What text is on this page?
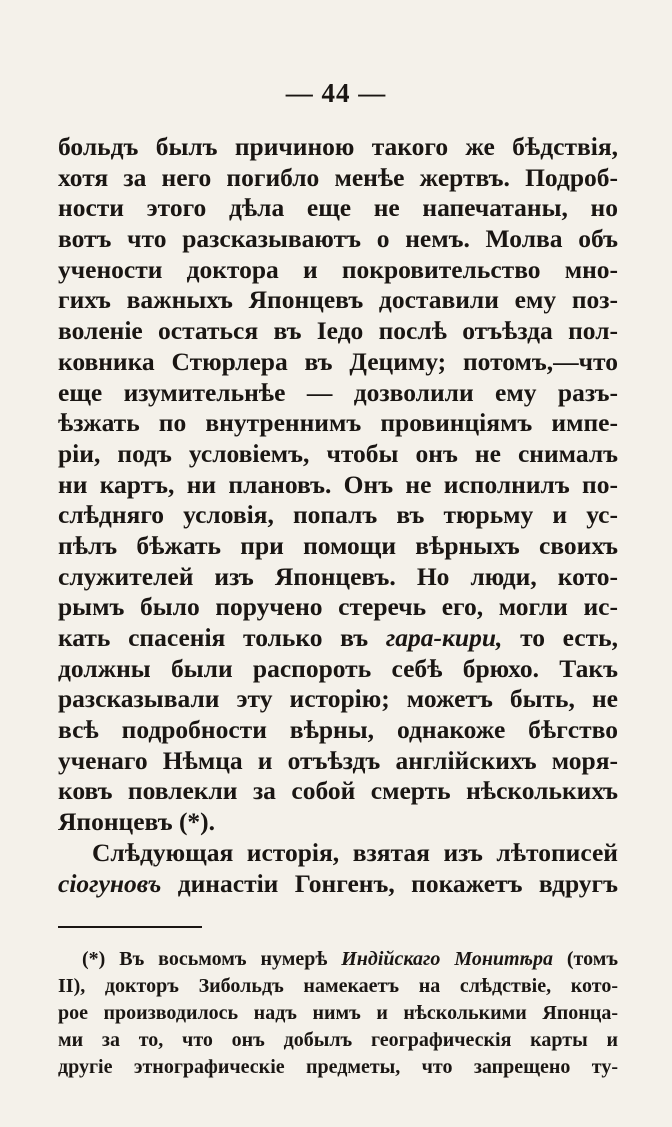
— 44 —
больдъ былъ причиною такого же бѣдствія,
хотя за него погибло менѣе жертвъ. Подроб-
ности этого дѣла еще не напечатаны, но
вотъ что разсказываютъ о немъ. Молва объ
учености доктора и покровительство мно-
гихъ важныхъ Японцевъ доставили ему поз-
воленіе остаться въ Іедо послѣ отъѣзда пол-
ковника Стюрлера въ Дециму; потомъ,—что
еще изумительнѣе — дозволили ему разъ-
ѣзжать по внутреннимъ провинціямъ импе-
ріи, подъ условіемъ, чтобы онъ не снималъ
ни картъ, ни плановъ. Онъ не исполнилъ по-
слѣдняго условія, попалъ въ тюрьму и ус-
пѣлъ бѣжать при помощи вѣрныхъ своихъ
служителей изъ Японцевъ. Но люди, кото-
рымъ было поручено стеречь его, могли ис-
кать спасенія только въ гара-кири, то есть,
должны были распороть себѣ брюхо. Такъ
разсказывали эту исторію; можетъ быть, не
всѣ подробности вѣрны, однакоже бѣгство
ученаго Нѣмца и отъѣздъ англійскихъ моря-
ковъ повлекли за собой смерть нѣсколькихъ
Японцевъ (*).
Слѣдующая исторія, взятая изъ лѣтописей
сіогуновъ династіи Гонгенъ, покажетъ вдругъ
(*) Въ восьмомъ нумерѣ Индійскаго Монитѣра (томъ
II), докторъ Зибольдъ намекаетъ на слѣдствіе, кото-
рое производилось надъ нимъ и нѣсколькими Японца-
ми за то, что онъ добылъ географическія карты и
другіе этнографическіе предметы, что запрещено ту-
